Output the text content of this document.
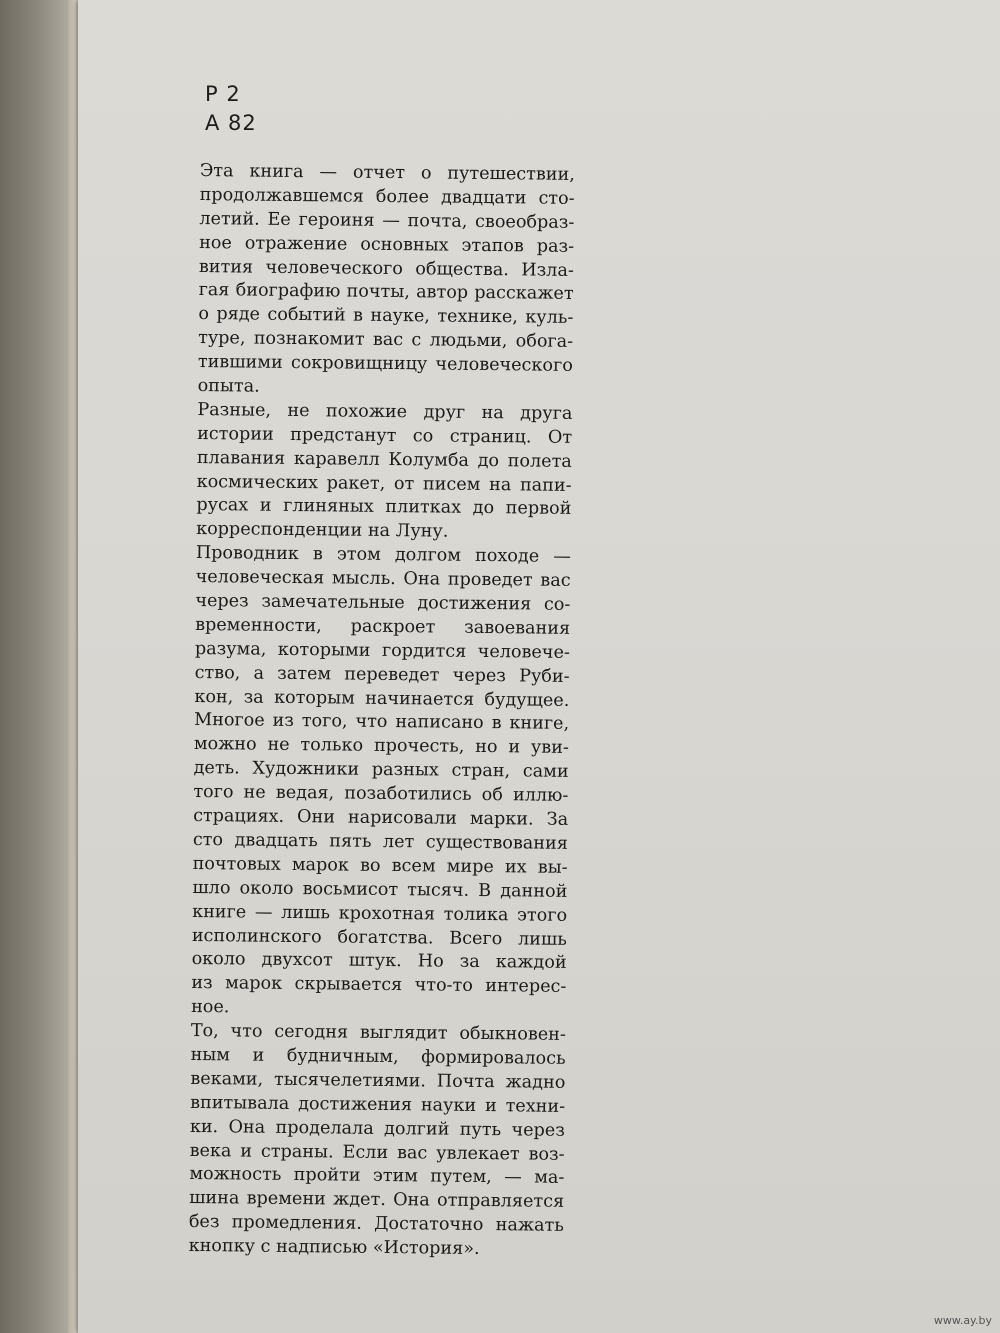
Р 2
А 82
Эта книга — отчет о путешествии,
продолжавшемся более двадцати сто-
летий. Ее героиня — почта, своеобраз-
ное отражение основных этапов раз-
вития человеческого общества. Изла-
гая биографию почты, автор расскажет
о ряде событий в науке, технике, куль-
туре, познакомит вас с людьми, обога-
тившими сокровищницу человеческого
опыта.
Разные, не похожие друг на друга
истории предстанут со страниц. От
плавания каравелл Колумба до полета
космических ракет, от писем на папи-
русах и глиняных плитках до первой
корреспонденции на Луну.
Проводник в этом долгом походе —
человеческая мысль. Она проведет вас
через замечательные достижения со-
временности, раскроет завоевания
разума, которыми гордится человече-
ство, а затем переведет через Руби-
кон, за которым начинается будущее.
Многое из того, что написано в книге,
можно не только прочесть, но и уви-
деть. Художники разных стран, сами
того не ведая, позаботились об иллю-
страциях. Они нарисовали марки. За
сто двадцать пять лет существования
почтовых марок во всем мире их вы-
шло около восьмисот тысяч. В данной
книге — лишь крохотная толика этого
исполинского богатства. Всего лишь
около двухсот штук. Но за каждой
из марок скрывается что-то интерес-
ное.
То, что сегодня выглядит обыкновен-
ным и будничным, формировалось
веками, тысячелетиями. Почта жадно
впитывала достижения науки и техни-
ки. Она проделала долгий путь через
века и страны. Если вас увлекает воз-
можность пройти этим путем, — ма-
шина времени ждет. Она отправляется
без промедления. Достаточно нажать
кнопку с надписью «История».
www.ay.by
